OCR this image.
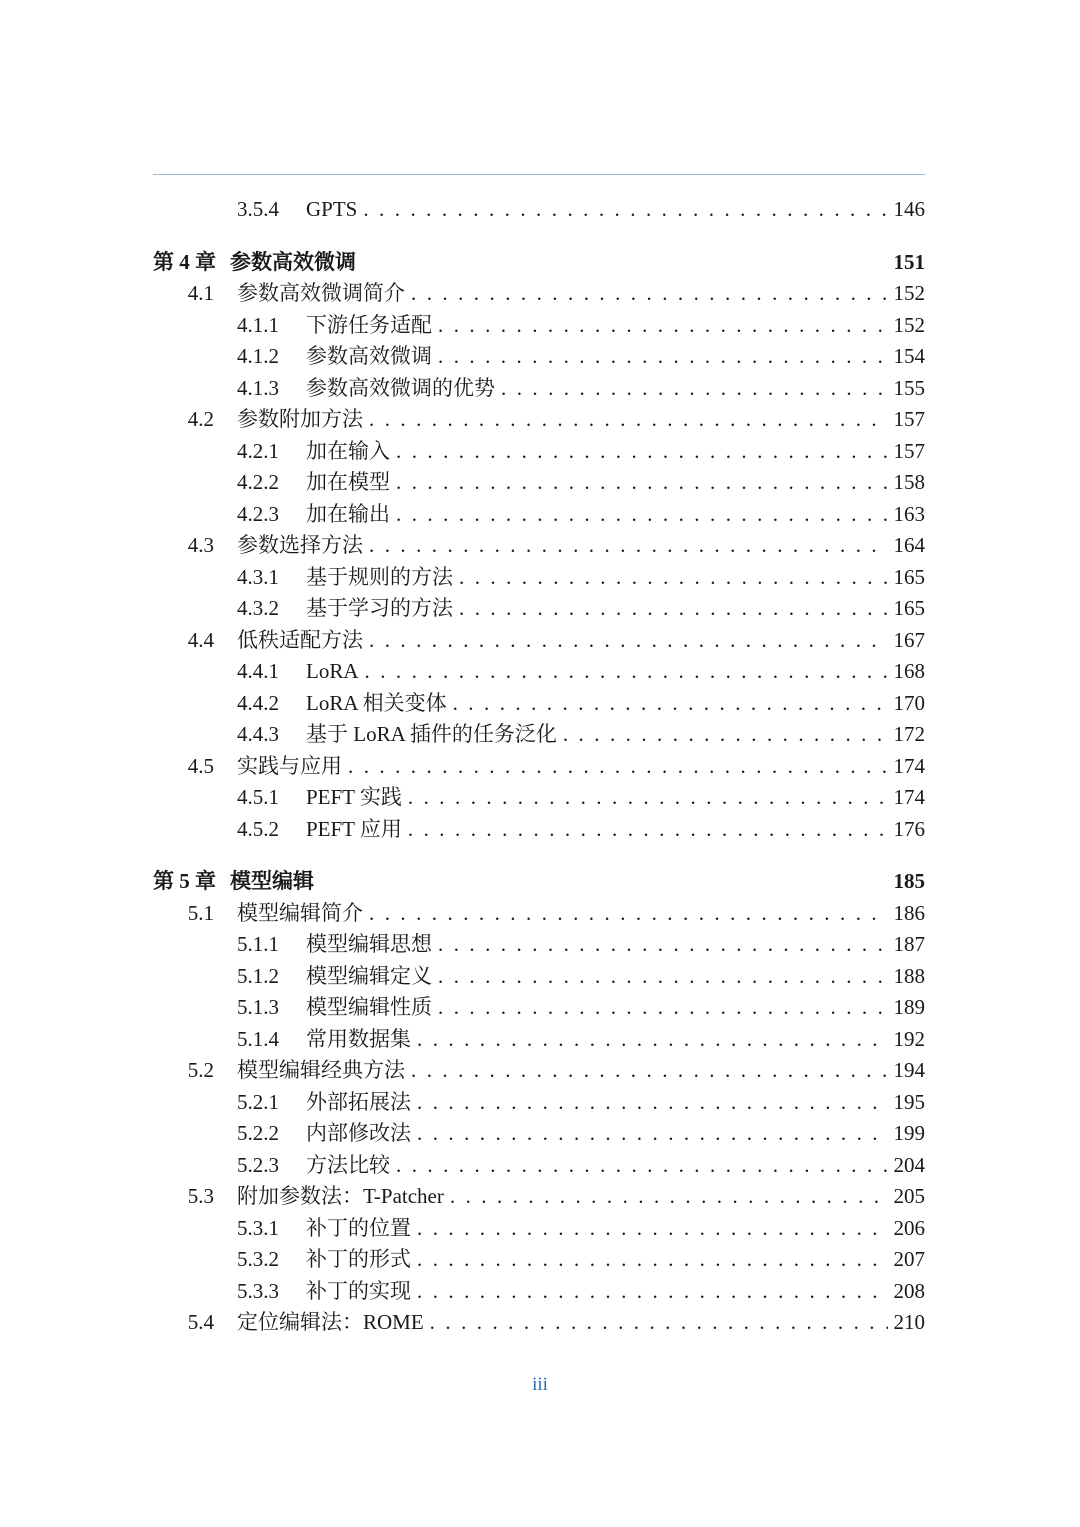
3.5.4	GPTS . . .	146
第 4 章 参数高效微调	151
4.1	参数高效微调简介 . . .	152
4.1.1	下游任务适配 . . .	152
4.1.2	参数高效微调 . . .	154
4.1.3	参数高效微调的优势 . . .	155
4.2	参数附加方法 . . .	157
4.2.1	加在输入 . . .	157
4.2.2	加在模型 . . .	158
4.2.3	加在输出 . . .	163
4.3	参数选择方法 . . .	164
4.3.1	基于规则的方法 . . .	165
4.3.2	基于学习的方法 . . .	165
4.4	低秩适配方法 . . .	167
4.4.1	LoRA . . .	168
4.4.2	LoRA 相关变体 . . .	170
4.4.3	基于 LoRA 插件的任务泛化 . . .	172
4.5	实践与应用 . . .	174
4.5.1	PEFT 实践 . . .	174
4.5.2	PEFT 应用 . . .	176
第 5 章 模型编辑	185
5.1	模型编辑简介 . . .	186
5.1.1	模型编辑思想 . . .	187
5.1.2	模型编辑定义 . . .	188
5.1.3	模型编辑性质 . . .	189
5.1.4	常用数据集 . . .	192
5.2	模型编辑经典方法 . . .	194
5.2.1	外部拓展法 . . .	195
5.2.2	内部修改法 . . .	199
5.2.3	方法比较 . . .	204
5.3	附加参数法：T-Patcher . . .	205
5.3.1	补丁的位置 . . .	206
5.3.2	补丁的形式 . . .	207
5.3.3	补丁的实现 . . .	208
5.4	定位编辑法：ROME . . .	210
iii
